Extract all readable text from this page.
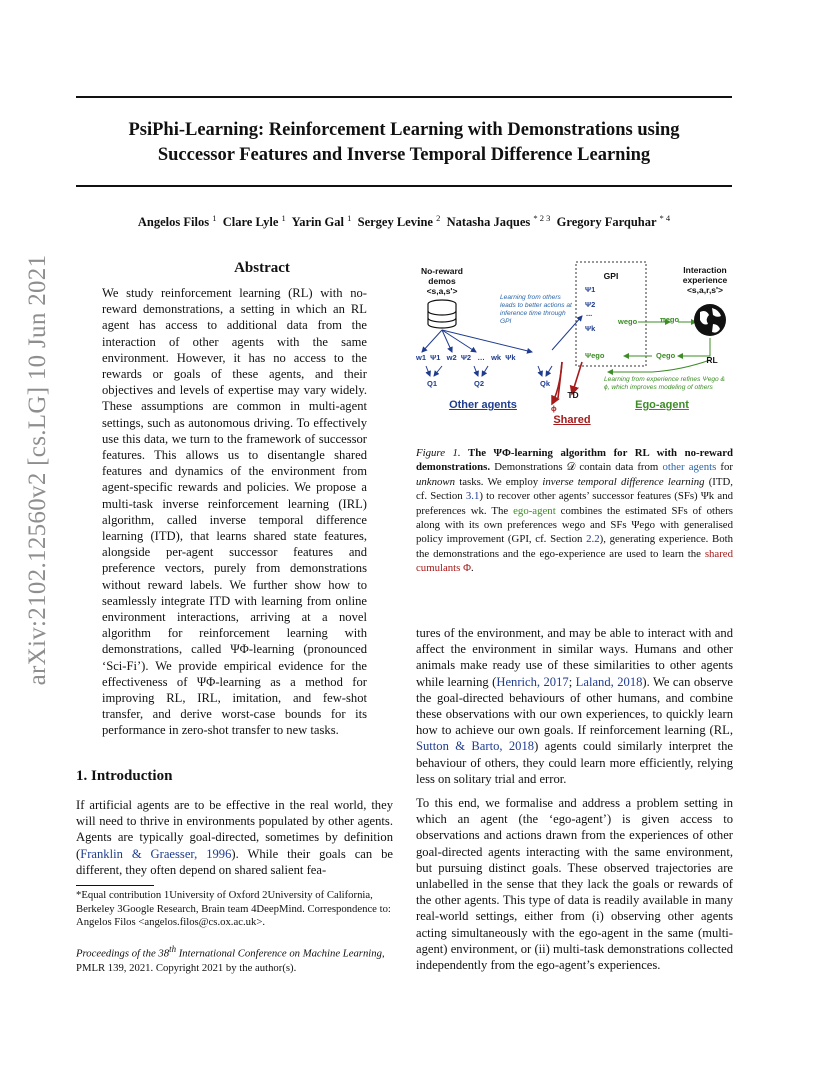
PsiPhi-Learning: Reinforcement Learning with Demonstrations using
Successor Features and Inverse Temporal Difference Learning
Angelos Filos $^1$ Clare Lyle $^1$ Yarin Gal $^1$ Sergey Levine $^2$ Natasha Jaques $^{* 2 3}$ Gregory Farquhar $^{* 4}$
arXiv:2102.12560v2 [cs.LG] 10 Jun 2021	Abstract

We study reinforcement learning (RL) with no-reward demonstrations, a setting in which an RL agent has access to additional data from the interaction of other agents with the same environment. However, it has no access to the rewards or goals of these agents, and their objectives and levels of expertise may vary widely. These assumptions are common in multi-agent settings, such as autonomous driving. To effectively use this data, we turn to the framework of successor features. This allows us to disentangle shared features and dynamics of the environment from agent-specific rewards and policies. We propose a multi-task inverse reinforcement learning (IRL) algorithm, called inverse temporal difference learning (ITD), that learns shared state features, alongside per-agent successor features and preference vectors, purely from demonstrations without reward labels. We further show how to seamlessly integrate ITD with learning from online environment interactions, arriving at a novel algorithm for reinforcement learning with demonstrations, called ΨΦ-learning (pronounced ‘Sci-Fi’). We provide empirical evidence for the effectiveness of ΨΦ-learning as a method for improving RL, IRL, imitation, and few-shot transfer, and derive worst-case bounds for its performance in zero-shot transfer to new tasks.

1. Introduction

If artificial agents are to be effective in the real world, they will need to thrive in environments populated by other agents. Agents are typically goal-directed, sometimes by definition (Franklin & Graesser, 1996). While their goals can be different, they often depend on shared salient fea-

*Equal contribution 1University of Oxford 2University of California, Berkeley 3Google Research, Brain team 4DeepMind. Correspondence to: Angelos Filos <angelos.filos@cs.ox.ac.uk>.

Proceedings of the 38th International Conference on Machine Learning, PMLR 139, 2021. Copyright 2021 by the author(s).

No-reward
demos
<s,a,s'>
GPI
Interaction
experience
<s,a,r,s'>
Learning from others leads to better actions at inference time through GPI
Learning from experience refines Ψego & ϕ, which improves modeling of others
Ψ1
Ψ2
...
Ψk
Ψego
wego	πego
Qego	RL
TD
ϕ
w1  Ψ1   w2  Ψ2   …   wk  Ψk
Q1	Q2	Qk
Other agents	Ego-agent
Shared

Figure 1. The ΨΦ-learning algorithm for RL with no-reward demonstrations. Demonstrations 𝒟 contain data from other agents for unknown tasks. We employ inverse temporal difference learning (ITD, cf. Section 3.1) to recover other agents’ successor features (SFs) Ψk and preferences wk. The ego-agent combines the estimated SFs of others along with its own preferences wego and SFs Ψego with generalised policy improvement (GPI, cf. Section 2.2), generating experience. Both the demonstrations and the ego-experience are used to learn the shared cumulants Φ.

tures of the environment, and may be able to interact with and affect the environment in similar ways. Humans and other animals make ready use of these similarities to other agents while learning (Henrich, 2017; Laland, 2018). We can observe the goal-directed behaviours of other humans, and combine these observations with our own experiences, to quickly learn how to achieve our own goals. If reinforcement learning (RL, Sutton & Barto, 2018) agents could similarly interpret the behaviour of others, they could learn more efficiently, relying less on solitary trial and error.

To this end, we formalise and address a problem setting in which an agent (the ‘ego-agent’) is given access to observations and actions drawn from the experiences of other goal-directed agents interacting with the same environment, but pursuing distinct goals. These observed trajectories are unlabelled in the sense that they lack the goals or rewards of the other agents. This type of data is readily available in many real-world settings, either from (i) observing other agents acting simultaneously with the ego-agent in the same (multi-agent) environment, or (ii) multi-task demonstrations collected independently from the ego-agent’s experiences.
